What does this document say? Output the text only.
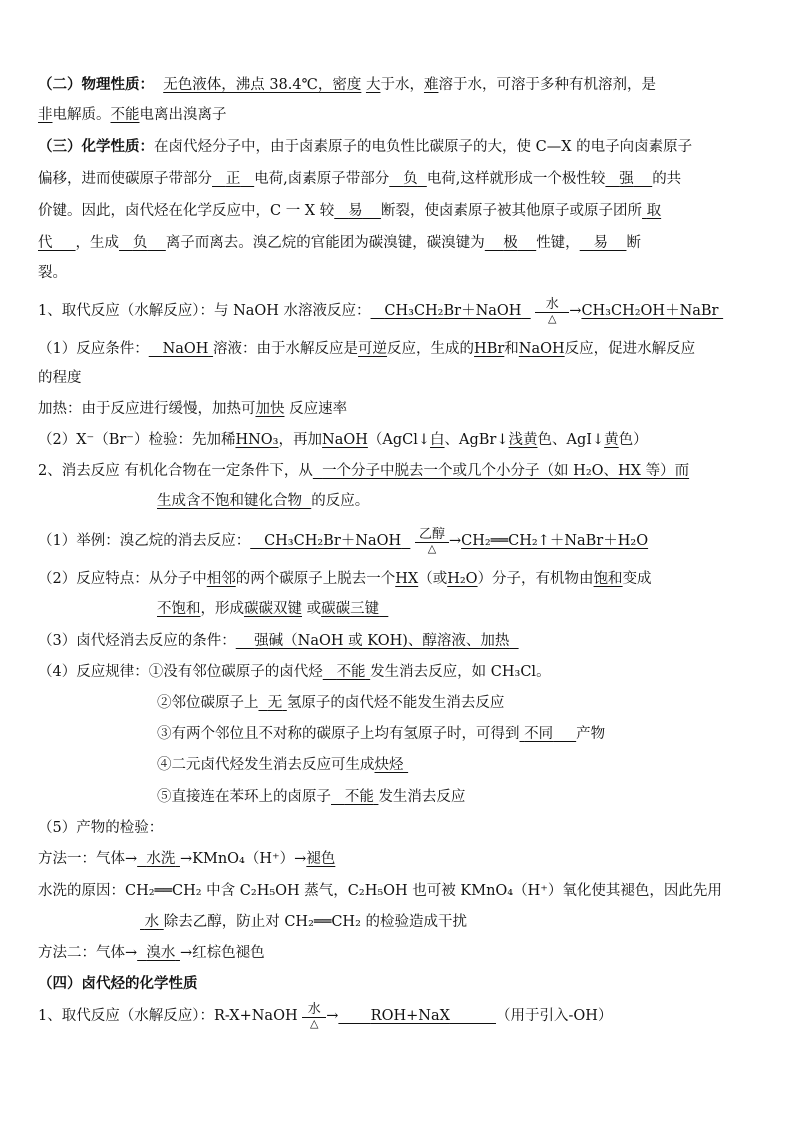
（二）物理性质： 无色液体，沸点 38.4℃，密度 大于水，难溶于水，可溶于多种有机溶剂，是
非电解质。不能电离出溴离子
（三）化学性质：在卤代烃分子中，由于卤素原子的电负性比碳原子的大，使 C—X 的电子向卤素原子
偏移，进而使碳原子带部分 正 电荷,卤素原子带部分 负 电荷,这样就形成一个极性较 强 的共
价键。因此，卤代烃在化学反应中，C 一 X 较 易 断裂，使卤素原子被其他原子或原子团所 取
代 ，生成 负 离子而离去。溴乙烷的官能团为碳溴键，碳溴键为 极 性键， 易 断
裂。
1、取代反应（水解反应）：与 NaOH 水溶液反应： CH₃CH₂Br＋NaOH	水
△ →CH₃CH₂OH＋NaBr
（1）反应条件： NaOH 溶液：由于水解反应是可逆反应，生成的HBr和NaOH反应，促进水解反应
的程度
加热：由于反应进行缓慢，加热可加快 反应速率
（2）X⁻（Br⁻）检验：先加稀HNO₃，再加NaOH（AgCl↓白、AgBr↓浅黄色、AgI↓黄色）
2、消去反应 有机化合物在一定条件下，从 一个分子中脱去一个或几个小分子（如 H₂O、HX 等）而
生成含不饱和键化合物 的反应。
（1）举例：溴乙烷的消去反应： CH₃CH₂Br＋NaOH	乙醇
△ →CH₂══CH₂↑＋NaBr＋H₂O
（2）反应特点：从分子中相邻的两个碳原子上脱去一个HX（或H₂O）分子，有机物由饱和变成
不饱和，形成碳碳双键 或碳碳三键
（3）卤代烃消去反应的条件： 强碱（NaOH 或 KOH)、醇溶液、加热
（4）反应规律：①没有邻位碳原子的卤代烃 不能 发生消去反应，如 CH₃Cl。
②邻位碳原子上 无 氢原子的卤代烃不能发生消去反应
③有两个邻位且不对称的碳原子上均有氢原子时，可得到 不同 产物
④二元卤代烃发生消去反应可生成炔烃
⑤直接连在苯环上的卤原子 不能 发生消去反应
（5）产物的检验：
方法一：气体→ 水洗 →KMnO₄（H⁺）→褪色
水洗的原因：CH₂══CH₂ 中含 C₂H₅OH 蒸气，C₂H₅OH 也可被 KMnO₄（H⁺）氧化使其褪色，因此先用
水 除去乙醇，防止对 CH₂══CH₂ 的检验造成干扰
方法二：气体→ 溴水 →红棕色褪色
（四）卤代烃的化学性质
1、取代反应（水解反应）：R-X+NaOH 水
△ → ROH+NaX	（用于引入-OH）
